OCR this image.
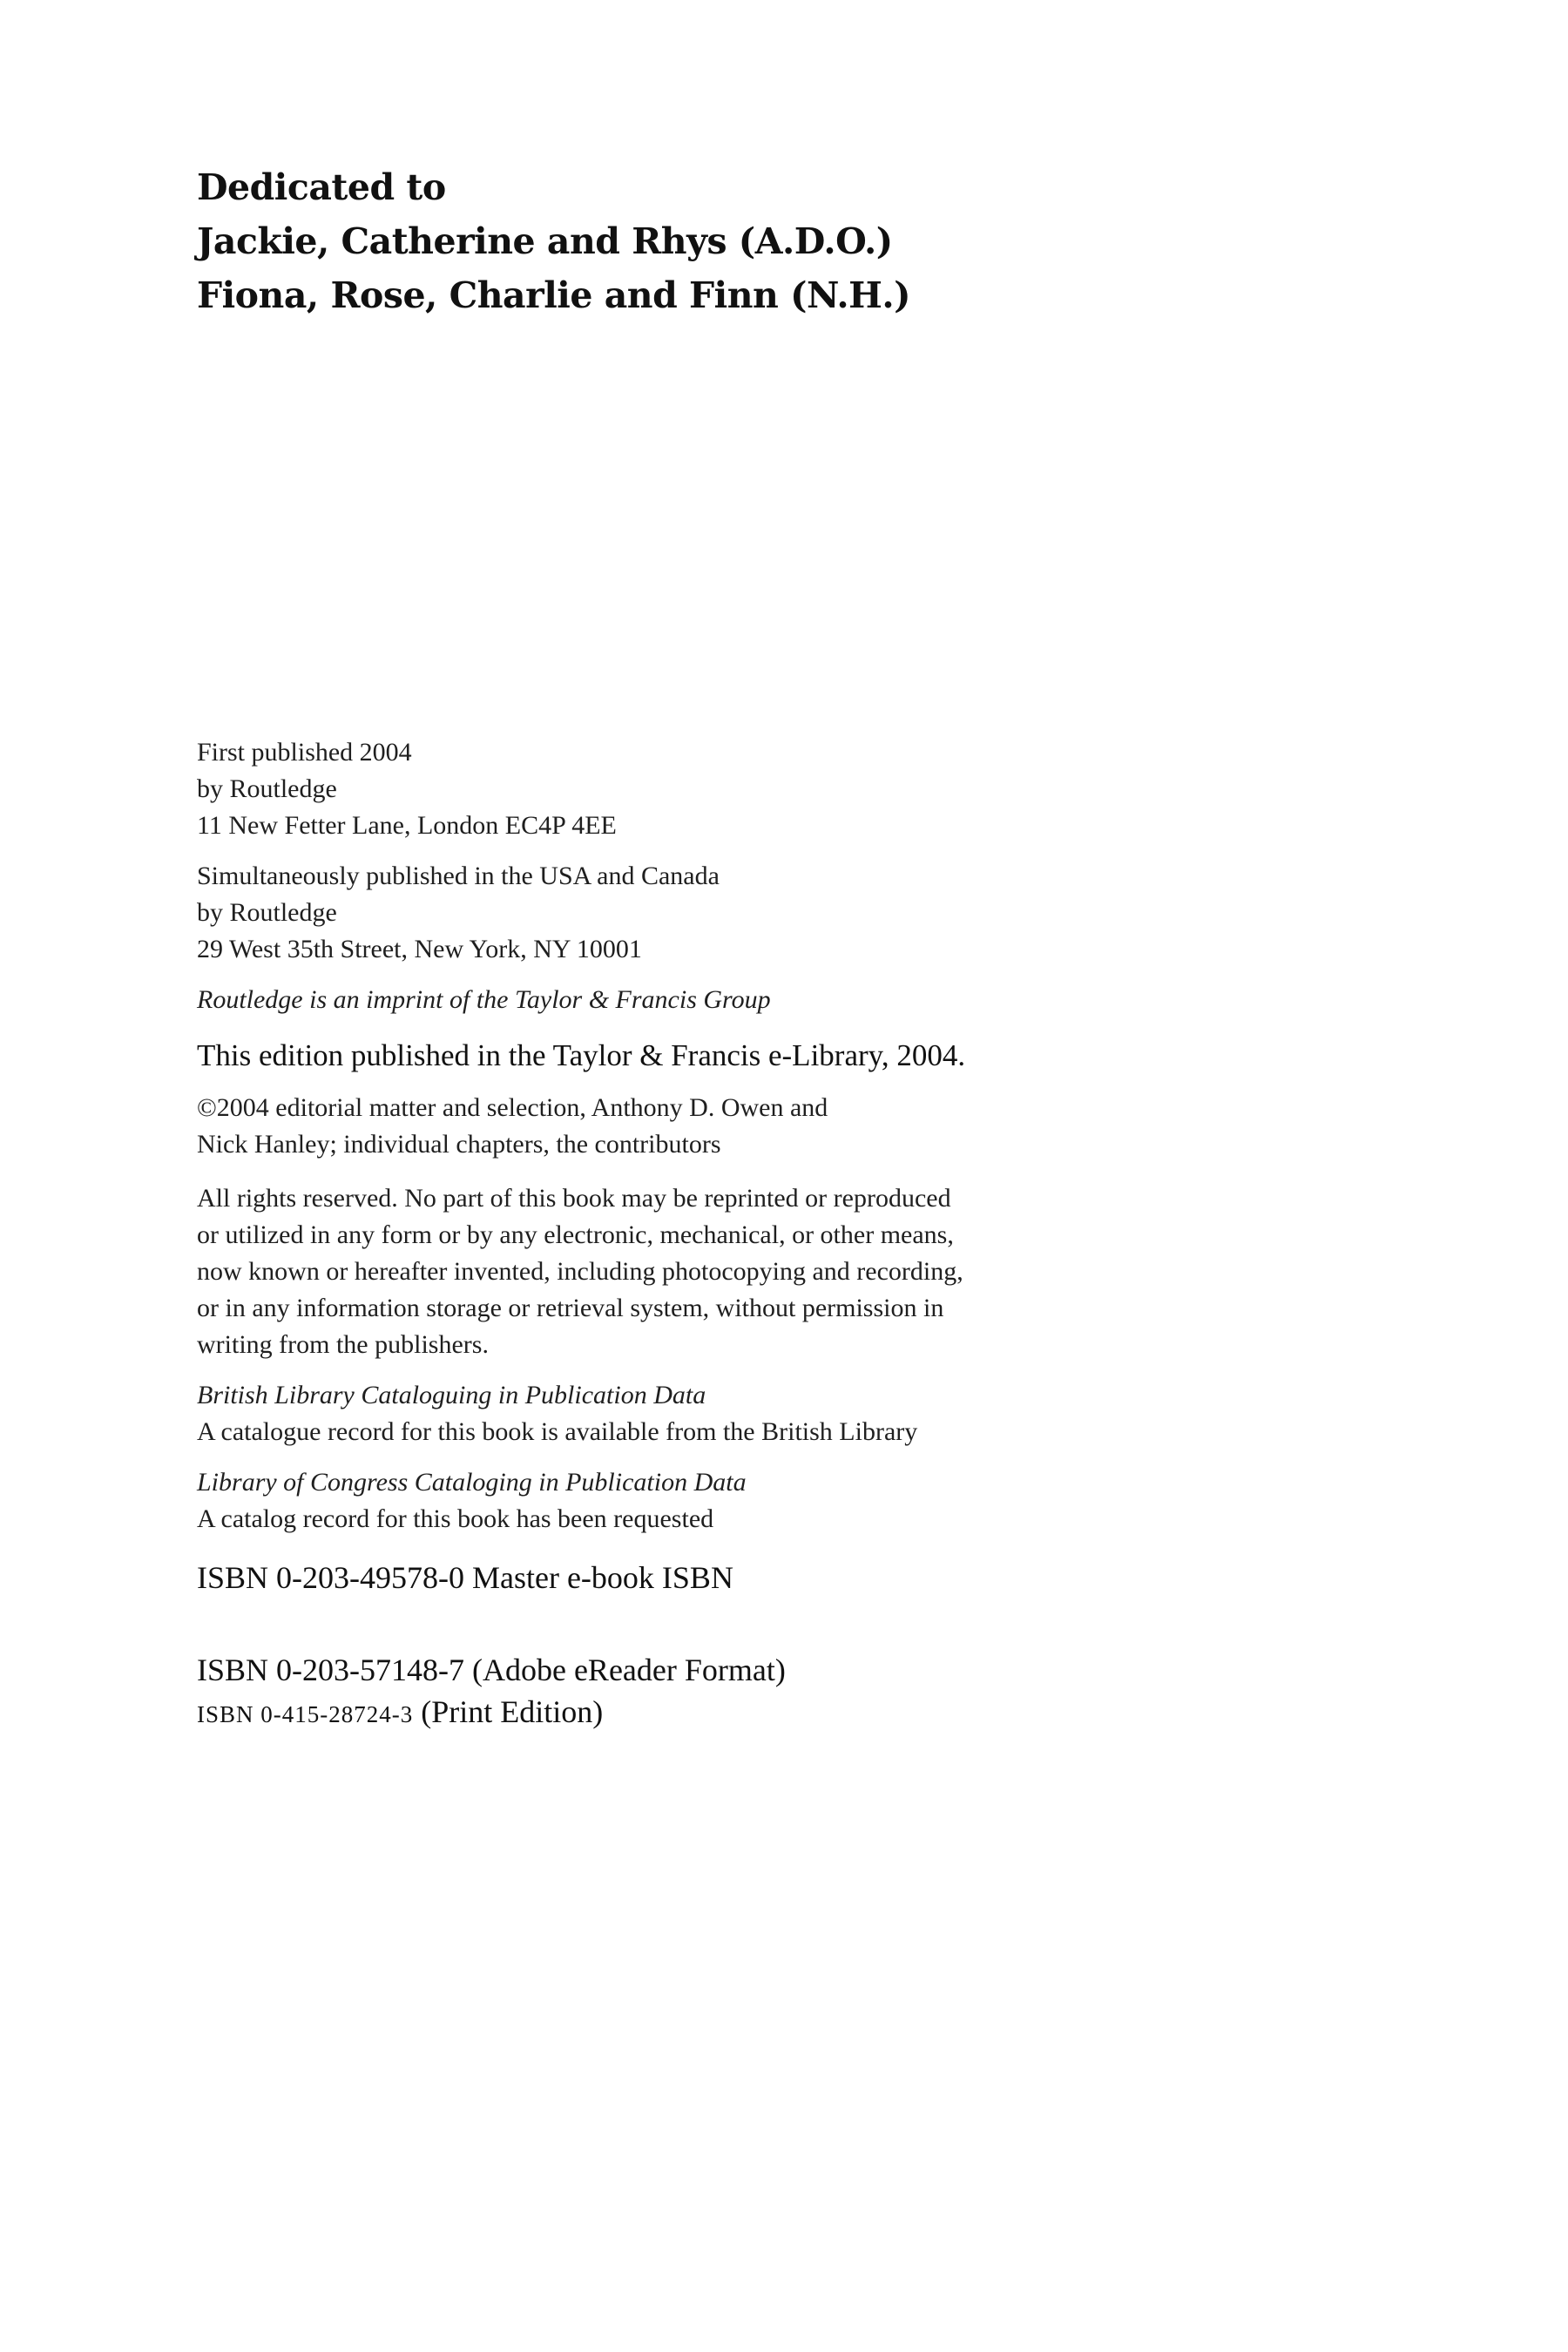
Dedicated to
Jackie, Catherine and Rhys (A.D.O.)
Fiona, Rose, Charlie and Finn (N.H.)
First published 2004
by Routledge
11 New Fetter Lane, London EC4P 4EE
Simultaneously published in the USA and Canada
by Routledge
29 West 35th Street, New York, NY 10001
Routledge is an imprint of the Taylor & Francis Group
This edition published in the Taylor & Francis e-Library, 2004.
©2004 editorial matter and selection, Anthony D. Owen and
Nick Hanley; individual chapters, the contributors
All rights reserved. No part of this book may be reprinted or reproduced
or utilized in any form or by any electronic, mechanical, or other means,
now known or hereafter invented, including photocopying and recording,
or in any information storage or retrieval system, without permission in
writing from the publishers.
British Library Cataloguing in Publication Data
A catalogue record for this book is available from the British Library
Library of Congress Cataloging in Publication Data
A catalog record for this book has been requested
ISBN 0-203-49578-0 Master e-book ISBN
ISBN 0-203-57148-7 (Adobe eReader Format)
ISBN 0-415-28724-3 (Print Edition)
